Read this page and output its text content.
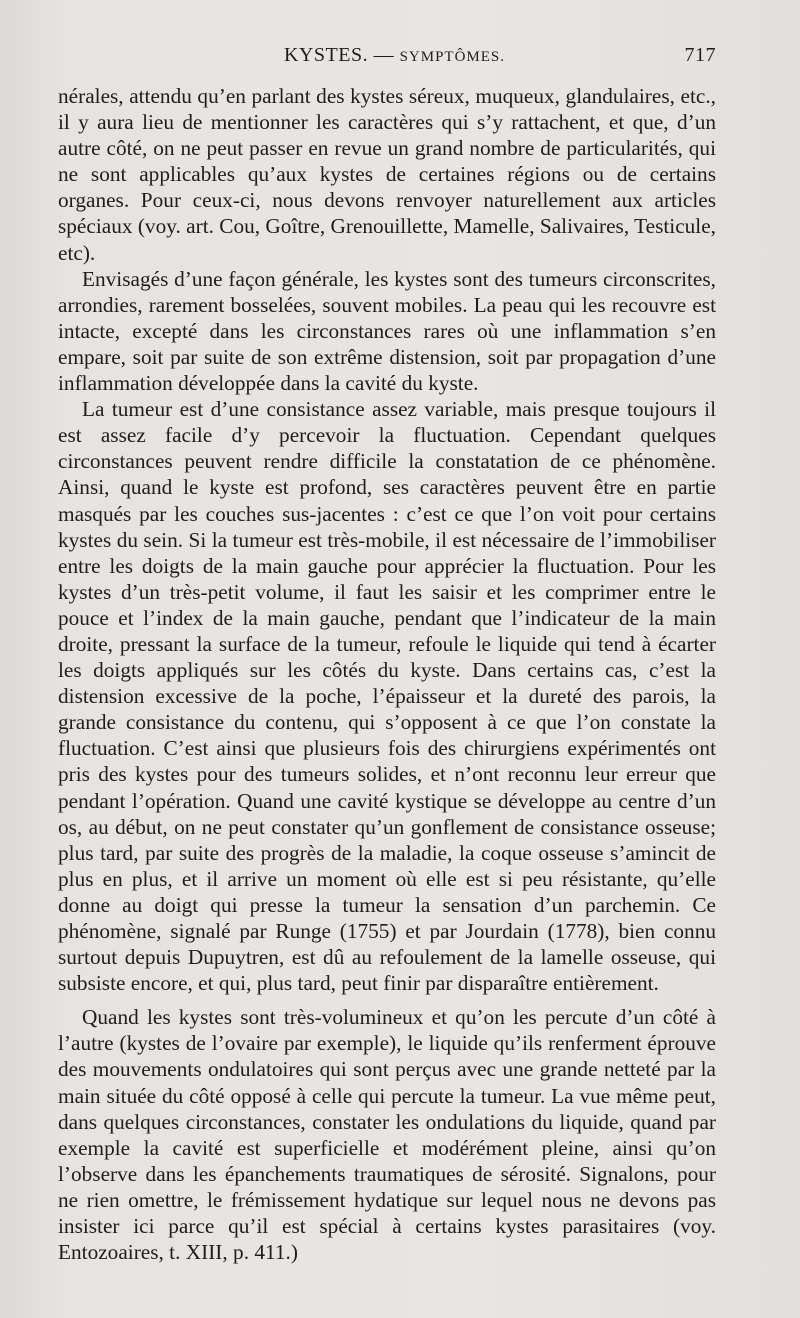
KYSTES. — SYMPTÔMES.	717

nérales, attendu qu’en parlant des kystes séreux, muqueux, glandulaires, etc., il y aura lieu de mentionner les caractères qui s’y rattachent, et que, d’un autre côté, on ne peut passer en revue un grand nombre de particularités, qui ne sont applicables qu’aux kystes de certaines régions ou de certains organes. Pour ceux-ci, nous devons renvoyer naturellement aux articles spéciaux (voy. art. Cou, Goître, Grenouillette, Mamelle, Salivaires, Testicule, etc).

Envisagés d’une façon générale, les kystes sont des tumeurs circonscrites, arrondies, rarement bosselées, souvent mobiles. La peau qui les recouvre est intacte, excepté dans les circonstances rares où une inflammation s’en empare, soit par suite de son extrême distension, soit par propagation d’une inflammation développée dans la cavité du kyste.

La tumeur est d’une consistance assez variable, mais presque toujours il est assez facile d’y percevoir la fluctuation. Cependant quelques circonstances peuvent rendre difficile la constatation de ce phénomène. Ainsi, quand le kyste est profond, ses caractères peuvent être en partie masqués par les couches sus-jacentes : c’est ce que l’on voit pour certains kystes du sein. Si la tumeur est très-mobile, il est nécessaire de l’immobiliser entre les doigts de la main gauche pour apprécier la fluctuation. Pour les kystes d’un très-petit volume, il faut les saisir et les comprimer entre le pouce et l’index de la main gauche, pendant que l’indicateur de la main droite, pressant la surface de la tumeur, refoule le liquide qui tend à écarter les doigts appliqués sur les côtés du kyste. Dans certains cas, c’est la distension excessive de la poche, l’épaisseur et la dureté des parois, la grande consistance du contenu, qui s’opposent à ce que l’on constate la fluctuation. C’est ainsi que plusieurs fois des chirurgiens expérimentés ont pris des kystes pour des tumeurs solides, et n’ont reconnu leur erreur que pendant l’opération. Quand une cavité kystique se développe au centre d’un os, au début, on ne peut constater qu’un gonflement de consistance osseuse; plus tard, par suite des progrès de la maladie, la coque osseuse s’amincit de plus en plus, et il arrive un moment où elle est si peu résistante, qu’elle donne au doigt qui presse la tumeur la sensation d’un parchemin. Ce phénomène, signalé par Runge (1755) et par Jourdain (1778), bien connu surtout depuis Dupuytren, est dû au refoulement de la lamelle osseuse, qui subsiste encore, et qui, plus tard, peut finir par disparaître entièrement.

Quand les kystes sont très-volumineux et qu’on les percute d’un côté à l’autre (kystes de l’ovaire par exemple), le liquide qu’ils renferment éprouve des mouvements ondulatoires qui sont perçus avec une grande netteté par la main située du côté opposé à celle qui percute la tumeur. La vue même peut, dans quelques circonstances, constater les ondulations du liquide, quand par exemple la cavité est superficielle et modérément pleine, ainsi qu’on l’observe dans les épanchements traumatiques de sérosité. Signalons, pour ne rien omettre, le frémissement hydatique sur lequel nous ne devons pas insister ici parce qu’il est spécial à certains kystes parasitaires (voy. Entozoaires, t. XIII, p. 411.)
